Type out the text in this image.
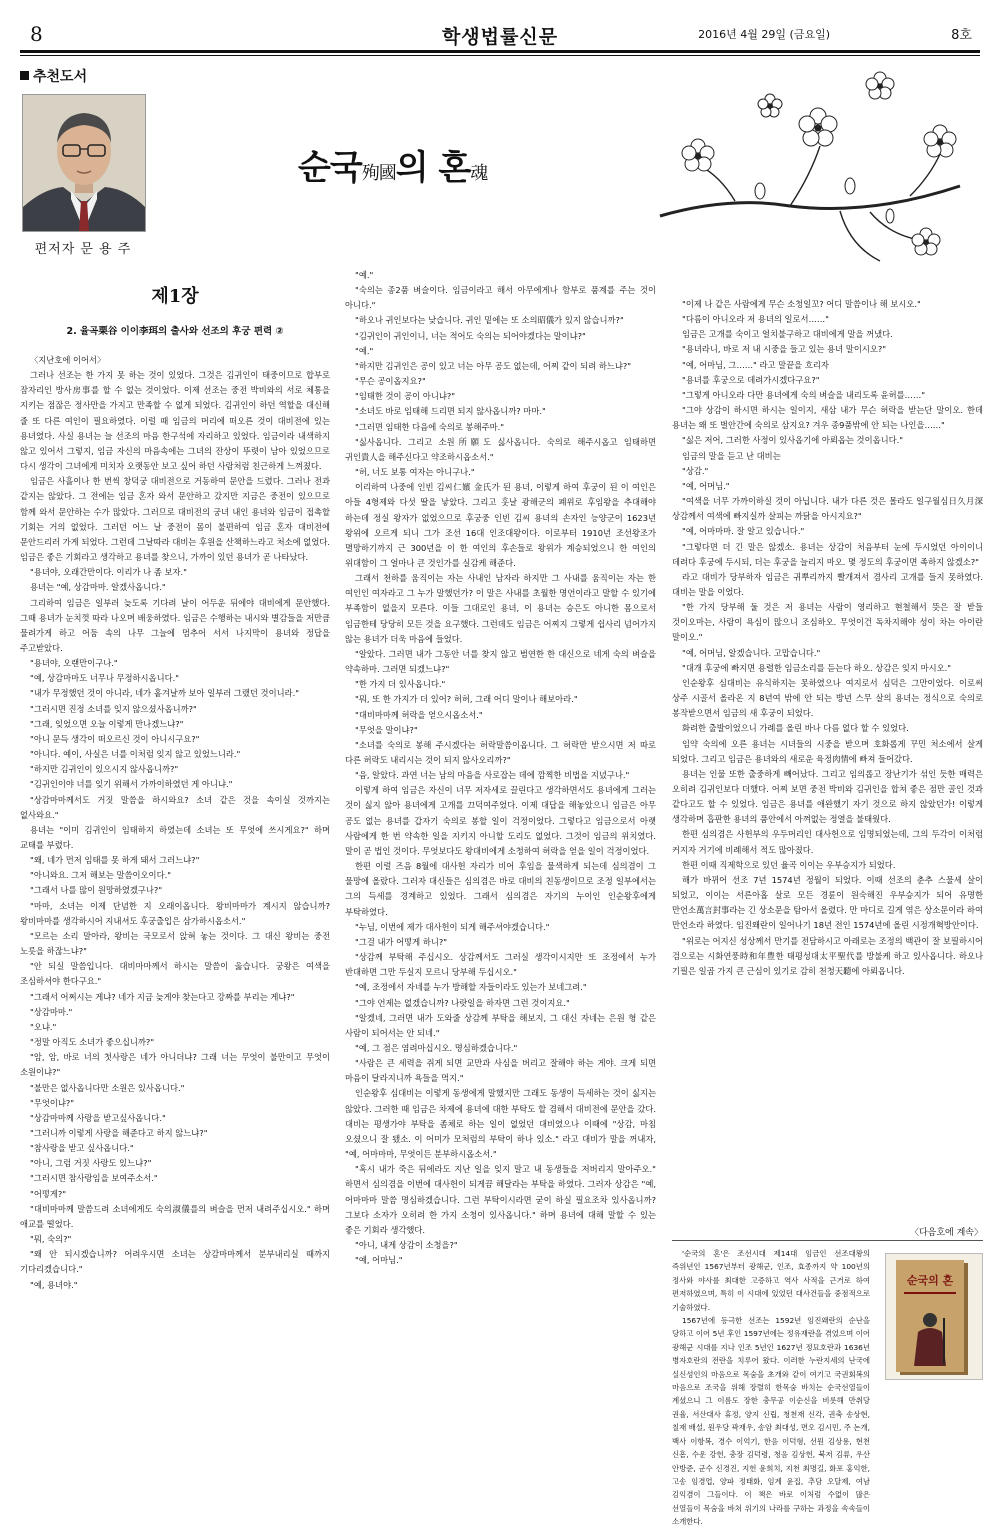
8	학생법률신문	2016년 4월 29일 (금요일)	8호
추천도서
편저자 문 용 주
순국殉國의 혼魂
제1장
2. 율곡栗谷 이이李珥의 출사와 선조의 후궁 편력 ②

〈지난호에 이어서〉

그러나 선조는 한 가지 못 하는 것이 있었다. 그것은 김귀인이 태중이므로 합부로 잠자리인 방사房事를 할 수 없는 것이었다. 이제 선조는 중전 박비와의 서로 체통을 지키는 점잖은 정사만을 가지고 만족할 수 없게 되었다. 김귀인이 하던 역할을 대신해 줄 또 다른 여인이 필요하였다. 이럴 때 임금의 머리에 떠오른 것이 대비전에 있는 용녀였다. 사실 용녀는 늘 선조의 마음 한구석에 자리하고 있었다. 임금이라 내색하지 않고 있어서 그렇지, 임금 자신의 마음속에는 그녀의 잔상이 뚜렷이 남아 있었으므로 다시 생각이 그녀에게 미치자 오랫동안 보고 싶어 하던 사람처럼 친근하게 느껴졌다.

임금은 사흘이나 한 번씩 창덕궁 대비전으로 거동하여 문안을 드렸다. 그러나 전과 같지는 않았다. 그 전에는 임금 혼자 와서 문안하고 갔지만 지금은 중전이 있으므로 함께 와서 문안하는 수가 많았다. 그러므로 대비전의 궁녀 내인 용녀와 임금이 접촉할 기회는 거의 없었다. 그러던 어느 날 중전이 몸이 불편하여 임금 혼자 대비전에 문안드리러 가게 되었다. 그런데 그날따라 대비는 후원을 산책하느라고 처소에 없었다. 임금은 좋은 기회라고 생각하고 용녀를 찾으니, 가까이 있던 용녀가 곧 나타났다.

"용녀야, 오래간만이다. 이리가 나 좀 보자."

용녀는 "예, 상감마마. 알겠사옵니다."

그리하여 임금은 일부러 늦도록 기다려 날이 어두운 뒤에야 대비에게 문안했다. 그때 용녀가 눈치껏 따라 나오며 배웅하였다. 임금은 수행하는 내시와 별감들을 저만큼 물려가게 하고 어둠 속의 나무 그늘에 멈추어 서서 나지막이 용녀와 정답을 주고받았다.

"용녀야, 오랜만이구나."

"예, 상감마마도 너무나 무정하시옵니다."

"내가 무정했던 것이 아니라, 네가 홑겨날까 보아 일부러 그랬던 것이니라."

"그러시면 진정 소녀를 잊지 않으셨사옵니까?"

"그래, 잊었으면 오늘 이렇게 만나겠느냐?"

"아니 문득 생각이 떠오르신 것이 아니시구요?"

"아니다. 예이, 사실은 너를 이처럼 잊지 않고 있었느니라."

"하지만 김귀인이 있으시지 않사옵니까?"

"김귀인이야 너를 잊기 위해서 가까이하였던 게 아니냐."

"상감마마께서도 거짓 말씀을 하시와요? 소녀 같은 것을 속이실 것까지는 없사와요."

용녀는 "이미 김귀인이 임태하지 하였는데 소녀는 또 무엇에 쓰시게요?" 하며 교태를 부렸다.

"왜, 네가 먼저 임태를 못 하게 돼서 그러느냐?"

"아니와요. 그저 해보는 말씀이오이다."

"그래서 나를 많이 원망하였겠구나?"

"마마, 소녀는 이제 단념한 지 오래이옵니다. 왕비마마가 계시지 않습니까? 왕비마마를 생각하시어 지내셔도 후궁출입은 삼가하시옵소서."

"모르는 소리 말아라, 왕비는 국모로서 앉혀 놓는 것이다. 그 대신 왕비는 중전 노릇을 하잖느냐?"

"안 되실 말씀입니다. 대비마마께서 하시는 말씀이 옳습니다. 궁왕은 여색을 조심하셔야 한다구요."

"그래서 어쩌시는 게냐? 네가 지금 늦게야 찾는다고 강짜를 부리는 게냐?"

"상감마마."

"오냐."

"정말 아직도 소녀가 좋으십니까?"

"암, 암, 바로 너의 첫사랑은 네가 아니더냐? 그래 너는 무엇이 불만이고 무엇이 소원이냐?"

"불만은 없사옵니다만 소원은 있사옵니다."

"무엇이냐?"

"상감마마께 사랑을 받고싶사옵니다."

"그러니까 이렇게 사랑을 해준다고 하지 않느냐?"

"참사랑을 받고 싶사옵니다."

"아니, 그럼 거짓 사랑도 있느냐?"

"그러시면 참사랑임을 보여주소서."

"어떻게?"

"대비마마께 말씀드려 소녀에게도 숙의淑儀를의 벼슬을 먼저 내려주십시오." 하며 애교를 떨었다.

"뭐, 숙의?"

"왜 안 되시겠습니까? 어려우시면 소녀는 상감마마께서 분부내리실 때까지 기다리겠습니다."

"예, 용녀야."

"예."

"숙의는 종2품 벼슬이다. 임금이라고 해서 아무에게나 함부로 품계를 주는 것이 아니다."

"하오나 귀인보다는 낮습니다. 귀인 밑에는 또 소의昭儀가 있지 않습니까?"

"김귀인이 귀인이니, 너는 적어도 숙의는 되어야겠다는 말이냐?"

"예."

"하지만 김귀인은 공이 있고 너는 아무 공도 없는데, 어찌 같이 되려 하느냐?"

"무슨 공이옵지요?"

"임태한 것이 공이 아니냐?"

"소녀도 바로 임태해 드리면 되지 않사옵니까? 마마."

"그러면 임태한 다음에 숙의로 봉해주마."

"싫사옵니다. 그리고 소원所願도 싫사옵니다. 숙의로 해주시옵고 임태하면 귀인貴人을 해주신다고 약조하시옵소서."

"허, 너도 보통 여자는 아니구나."

이리하여 나중에 인빈 김씨仁嬪 金氏가 된 용녀, 이렇게 하여 후궁이 된 이 여인은 아들 4형제와 다섯 딸을 낳았다. 그리고 훗날 광해군의 폐위로 후임왕을 추대해야 하는데 정실 왕자가 없었으므로 후궁중 인빈 김씨 용녀의 손자인 능양군이 1623년 왕위에 오르게 되니 그가 조선 16대 인조대왕이다. 이로부터 1910년 조선왕조가 멸망하기까지 근 300년을 이 한 여인의 후손들로 왕위가 계승되었으니 한 여인의 위대함이 그 얼마나 큰 것인가를 실감케 해준다.

그래서 천하를 움직이는 자는 사내인 남자라 하지만 그 사내를 움직이는 자는 한 여인인 여자라고 그 누가 말했던가? 이 말은 사내를 초월한 명언이라고 말할 수 있기에 부족함이 없을지 모른다. 이들 그대로인 용녀, 이 용녀는 승은도 아니한 몸으로서 임금한테 당당히 모든 것을 요구했다. 그런데도 임금은 어찌지 그렇게 쉽사리 넘어가지 않는 용녀가 더욱 마음에 들었다.

"알았다. 그러면 내가 그동안 너를 찾지 않고 범연한 한 대신으로 네게 숙의 벼슬을 약속하마. 그러면 되겠느냐?"

"한 가지 더 있사옵니다."

"뭐, 또 한 가지가 더 있어? 허허, 그래 어디 말이나 해보아라."

"대비마마께 허락을 얻으시옵소서."

"무엇을 말이냐?"

"소녀를 숙의로 봉해 주시겠다는 허락말씀이옵니다. 그 허락만 받으시면 저 따로 다른 허락도 내리시는 것이 되지 않사오리까?"

"음, 알았다. 과연 너는 남의 마음을 사로잡는 데에 깜찍한 비법을 지녔구나."

이렇게 하여 임금은 자신이 너무 저자세로 끌린다고 생각하면서도 용녀에게 그러는 것이 싫지 않아 용녀에게 고개를 끄덕여주었다. 이제 대답을 해놓았으니 임금은 아무 공도 없는 용녀를 갑자기 숙의로 봉할 일이 걱정이었다. 그렇다고 임금으로서 아랫 사람에게 한 번 약속한 일을 지키지 아니할 도리도 없었다. 그것이 임금의 위치였다. 말이 곧 법인 것이다. 무엇보다도 왕대비에게 소청하여 허락을 얻을 일이 걱정이었다.

한편 이럴 즈음 8월에 대사헌 자리가 비어 후임을 물색하게 되는데 심의겸이 그 물망에 올랐다. 그러자 대신들은 심의겸은 바로 대비의 친동생이므로 조정 일부에서는 그의 득세를 경계하고 있었다. 그래서 심의겸은 자기의 누이인 인순왕후에게 부탁하였다.

"누님, 이번에 제가 대사헌이 되게 해주셔야겠습니다."

"그걸 내가 어떻게 하니?"

"상감께 부탁해 주십시오. 상감께서도 그러실 생각이시지만 또 조정에서 누가 반대하면 그만 두실지 모르니 당부해 두십시오."

"예, 조정에서 자네를 누가 방해할 자들이라도 있는가 보네그려."

"그야 언제는 없겠습니까? 나랏일을 하자면 그런 것이지요."

"알겠네, 그러면 내가 도와줄 상감께 부탁을 해보지, 그 대신 자네는 은원 형 같은 사람이 되어서는 안 되네."

"예, 그 점은 염려마십시오. 명심하겠습니다."

"사람은 큰 세력을 쥐게 되면 교만과 사심을 버리고 잘해야 하는 게야. 크게 되면 마음이 달라지니까 욕들을 먹지."

인순왕후 심대비는 이렇게 동생에게 말했지만 그래도 동생이 득세하는 것이 싫지는 않았다. 그러한 때 임금은 차제에 용녀에 대한 부탁도 할 겸해서 대비전에 문안을 갔다. 대비는 평생가야 부탁을 좀체로 하는 일이 없었던 대비였으나 이때에 "상감, 마침 오셨으니 잘 됐소. 이 어미가 모처럼의 부탁이 하나 있소." 라고 대비가 말을 꺼내자, "예, 어마마마, 무엇이든 분부하시옵소서."

"혹시 내가 죽은 뒤에라도 지난 일을 잊지 말고 내 동생들을 저버리지 말아주오." 하면서 심의겸을 이번에 대사헌이 되게끔 해달라는 부탁을 하였다. 그러자 상감은 "예, 어마마마 말씀 명심하겠습니다. 그런 부탁이시라면 굳이 하실 필요조차 있사옵니까? 그보다 소자가 오히려 한 가지 소청이 있사옵니다." 하며 용녀에 대해 말할 수 있는 좋은 기회라 생각했다.

"아니, 내게 상감이 소청을?"

"예, 어마님."

"이제 나 같은 사람에게 무슨 소청일꼬? 어디 말씀이나 해 보시오."

"다름이 아니오라 저 용녀의 일로서……"

임금은 고개를 숙이고 얼치불구하고 대비에게 말을 꺼냈다.

"용녀라니, 바로 저 내 시중을 들고 있는 용녀 말이시오?"

"예, 어마님, 그……" 라고 말끝을 흐리자

"용녀를 후궁으로 데려가시겠다구요?"

"그렇게 아니오라 다만 용녀에게 숙의 벼슬을 내리도록 윤허를……"

"그야 상감이 하시면 하시는 일이지, 새삼 내가 무슨 허락을 받는단 말이오. 한데 용녀는 왜 또 벌안간에 숙의로 삼지요? 겨우 종9품밖에 안 되는 나인을……"

"싫은 저어, 그러한 사정이 있사옵기에 아뢰옵는 것이옵니다."

임금의 말을 듣고 난 대비는

"상감."

"예, 어머님."

"여색을 너무 가까이하실 것이 아닙니다. 내가 다른 것은 몰라도 일구월심日久月深 상감께서 여색에 빠지실까 살피는 까닭을 아시지요?"

"예, 어마마마. 잘 알고 있습니다."

"그렇다면 더 긴 말은 않겠소. 용녀는 상감이 처음부터 눈에 두시었던 아이이니 데려다 후궁에 두시되, 더는 후궁을 늘리지 마오. 몇 정도의 후궁이면 족하지 않겠소?"

라고 대비가 당부하자 임금은 귀뿌리까지 빨개져서 겸사리 고개를 들지 못하였다. 대비는 말을 이었다.

"한 가지 당부해 둘 것은 저 용녀는 사람이 영리하고 현철해서 뜻은 잘 받들 것이오마는, 사람이 욕심이 많으니 조심하오. 무엇이건 독차지해야 성이 차는 아이란 말이오."

"예, 어머님, 알겠습니다. 고맙습니다."

"대개 후궁에 빠지면 용렬한 임금소리를 듣는다 하오. 상감은 잊지 마시오."

인순왕후 심대비는 유식하지는 못하였으나 여지로서 심덕은 그만이었다. 이로써 상주 시골서 올라온 지 8년여 밖에 안 되는 방년 스무 살의 용녀는 정식으로 숙의로 봉작받으면서 임금의 새 후궁이 되었다.

화려한 출발이었으니 가례를 올린 바나 다름 없다 할 수 있었다.

임약 숙의에 오른 용녀는 시녀들의 시중을 받으며 호화롭게 꾸민 처소에서 살게 되었다. 그리고 임금은 용녀와의 새로운 육정肉情에 빠져 들어갔다.

용녀는 인물 또한 출중하게 빼어났다. 그리고 임의롭고 장난기가 섞인 듯한 매력은 오히려 김귀인보다 더했다. 어찌 보면 중전 박비와 김귀인을 합쳐 좋은 점만 골인 것과 같다고도 할 수 있었다. 임금은 용녀를 애완했기 자기 것으로 하지 않았던가! 이렇게 생각하며 흡판한 용녀의 품안에서 아껴없는 정열을 불태웠다.

한편 심의겸은 사헌부의 우두머리인 대사헌으로 임명되었는데, 그의 두각이 이처럼 커지자 거기에 비례해서 적도 많아졌다.

한편 이때 직제학으로 있던 율곡 이이는 우부승지가 되었다.

해가 바뀌어 선조 7년 1574년 정월이 되었다. 이때 선조의 춘추 스물세 살이 되었고, 이이는 서른아홉 살로 모든 경륜이 원숙해진 우부승지가 되어 유명한 만언소萬言封事라는 긴 상소문을 탐아서 올렸다. 만 마디로 길게 엮은 상소문이라 하여 만언소라 하였다. 임진왜란이 일어나기 18년 전인 1574년에 올린 시정개혁방안이다.

"위로는 어지신 성상께서 만기를 전담하시고 아래로는 조정의 백관이 잘 보필하시어 검으로는 시화연풍時和年豊한 태평성대太平聖代를 방불케 하고 있사옵니다. 하오나 기필은 일곱 가지 큰 근심이 있기로 감히 천청天聽에 아뢰옵니다.

〈다음호에 계속〉

'순국의 혼'은 조선시대 제14대 임금인 선조대왕의 즉위년인 1567년부터 광해군, 인조, 효종까지 약 100년의 정사와 야사를 최대한 고증하고 역사 사적을 근거로 하여 편저하였으며, 특히 이 시대에 있었던 대사건들을 중점적으로 기술하였다.

1567년에 등극한 선조는 1592년 임진왜란의 순난을 당하고 이어 5년 후인 1597년에는 정유재란을 겪었으며 이어 광해군 시대를 지나 인조 5년인 1627년 정묘호란과 1636년 병자호란의 전란을 치루어 왔다. 이러한 누란지세의 난국에 실신성인의 마음으로 목숨을 초개와 같이 여기고 국권회복의 마음으로 조국을 위해 장렬히 한목숨 바치는 순국선열들이 계셨으니 그 이름도 장한 충무공 이순신을 비롯해 만취당 권율, 서산대사 휴정, 양지 신립, 청천재 신각, 권축 송상현, 칠재 배설, 원우당 곽재우, 송암 최대성, 면오 김시민, 주 논개, 백사 이항복, 경수 이억기, 한음 이덕형, 선원 김상용, 현천 신흠, 수운 강헌, 충장 김덕령, 청음 김상헌, 북저 김류, 우산 안방준, 군수 신경진, 지헌 윤희치, 지천 최명길, 화포 홍익한, 고송 임경업, 양파 정태화, 임계 윤집, 추담 오달제, 여남 김익겸이 그들이다. 이 책은 바로 이처럼 수없이 많은 선열들이 목숨을 바쳐 위기의 나라를 구하는 과정을 속속들이 소개한다.

순국의 혼
